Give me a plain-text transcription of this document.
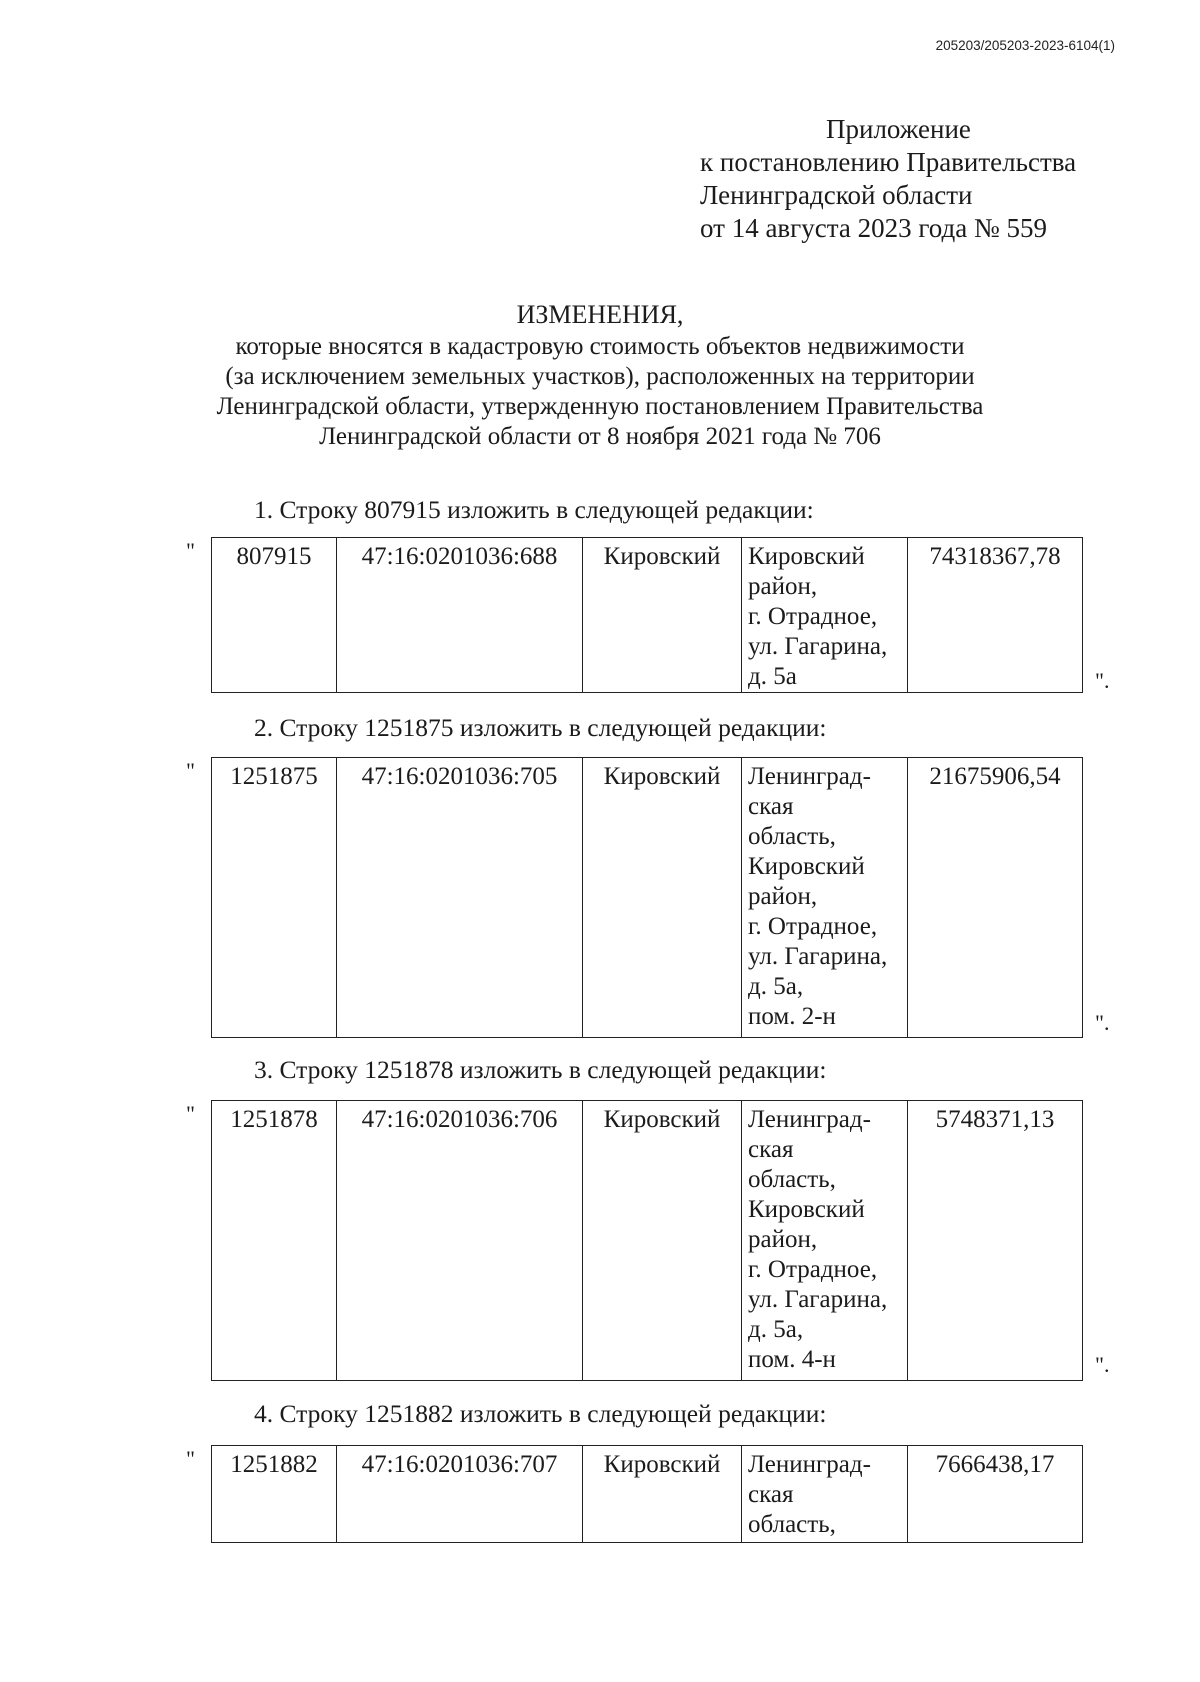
205203/205203-2023-6104(1)
Приложение
к постановлению Правительства
Ленинградской области
от 14 августа 2023 года № 559
ИЗМЕНЕНИЯ,
которые вносятся в кадастровую стоимость объектов недвижимости
(за исключением земельных участков), расположенных на территории
Ленинградской области, утвержденную постановлением Правительства
Ленинградской области от 8 ноября 2021 года № 706
1. Строку 807915 изложить в следующей редакции:
" 807915	47:16:0201036:688	Кировский	Кировский
район,
г. Отрадное,
ул. Гагарина,
д. 5а
	74318367,78
".
2. Строку 1251875 изложить в следующей редакции:
" 1251875	47:16:0201036:705	Кировский	Ленинград-
ская
область,
Кировский
район,
г. Отрадное,
ул. Гагарина,
д. 5а,
пом. 2-н
	21675906,54
".
3. Строку 1251878 изложить в следующей редакции:
" 1251878	47:16:0201036:706	Кировский	Ленинград-
ская
область,
Кировский
район,
г. Отрадное,
ул. Гагарина,
д. 5а,
пом. 4-н
	5748371,13
".
4. Строку 1251882 изложить в следующей редакции:
" 1251882	47:16:0201036:707	Кировский	Ленинград-
ская
область,
	7666438,17
